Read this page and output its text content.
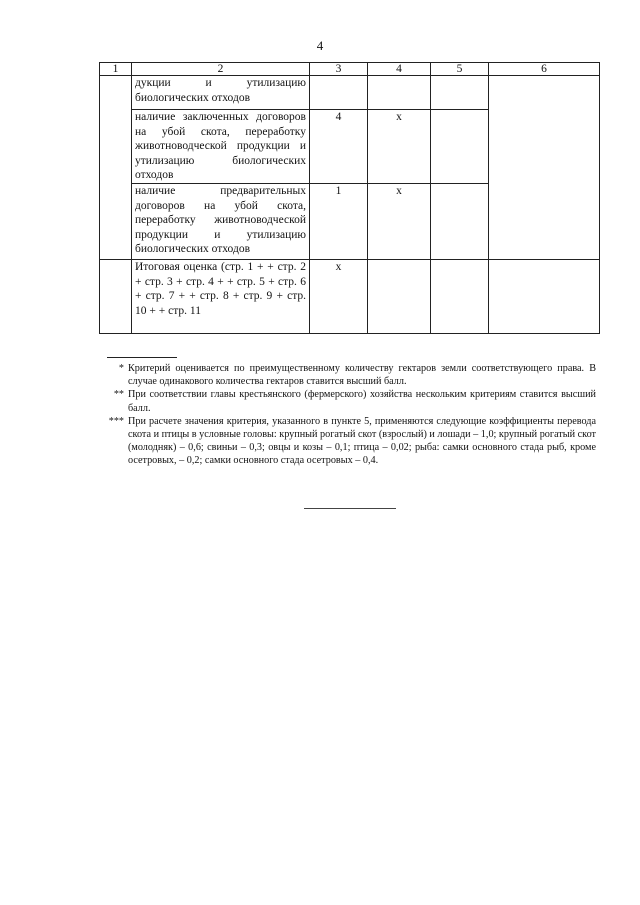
4
1	2	3	4	5	6
	дукции и утилизацию биологических отходов				
	наличие заключенных договоров на убой скота, переработку животноводческой продукции и утилизацию биологических отходов	4	х		
	наличие предварительных договоров на убой скота, переработку животноводческой продукции и утилизацию биологических отходов	1	х		
	Итоговая оценка (стр. 1 + + стр. 2 + стр. 3 + стр. 4 + + стр. 5 + стр. 6 + стр. 7 + + стр. 8 + стр. 9 + стр. 10 + + стр. 11	х			
* Критерий оценивается по преимущественному количеству гектаров земли соответствующего права. В случае одинакового количества гектаров ставится высший балл.
** При соответствии главы крестьянского (фермерского) хозяйства нескольким критериям ставится высший балл.
*** При расчете значения критерия, указанного в пункте 5, применяются следующие коэффициенты перевода скота и птицы в условные головы: крупный рогатый скот (взрослый) и лошади – 1,0; крупный рогатый скот (молодняк) – 0,6; свиньи – 0,3; овцы и козы – 0,1; птица – 0,02; рыба: самки основного стада рыб, кроме осетровых, – 0,2; самки основного стада осетровых – 0,4.
